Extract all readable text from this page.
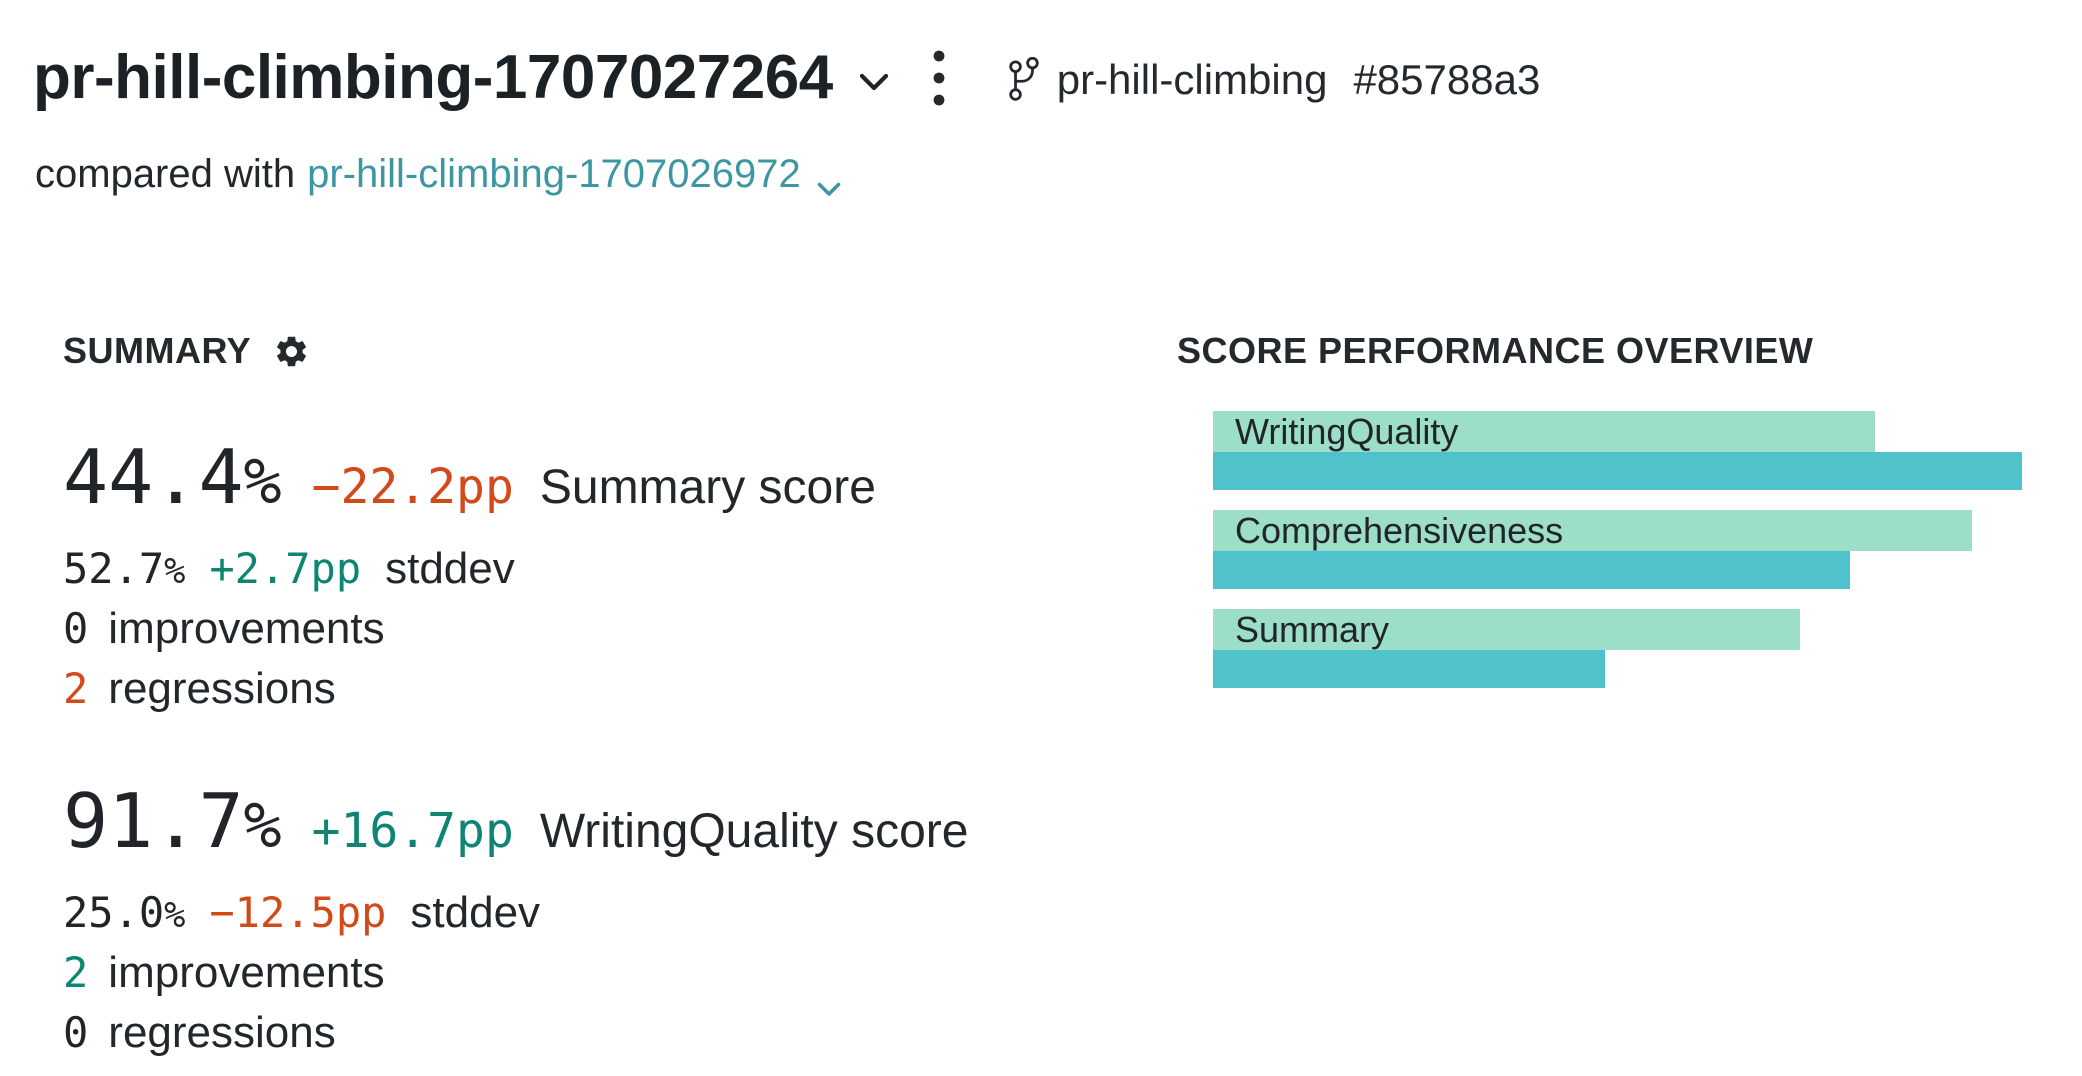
pr-hill-climbing-1707027264	pr-hill-climbing #85788a3
compared with pr-hill-climbing-1707026972
SUMMARY	SCORE PERFORMANCE OVERVIEW
44.4% −22.2pp Summary score
52.7% +2.7pp stddev
0 improvements
2 regressions
91.7% +16.7pp WritingQuality score
25.0% −12.5pp stddev
2 improvements
0 regressions
WritingQuality
Comprehensiveness
Summary
